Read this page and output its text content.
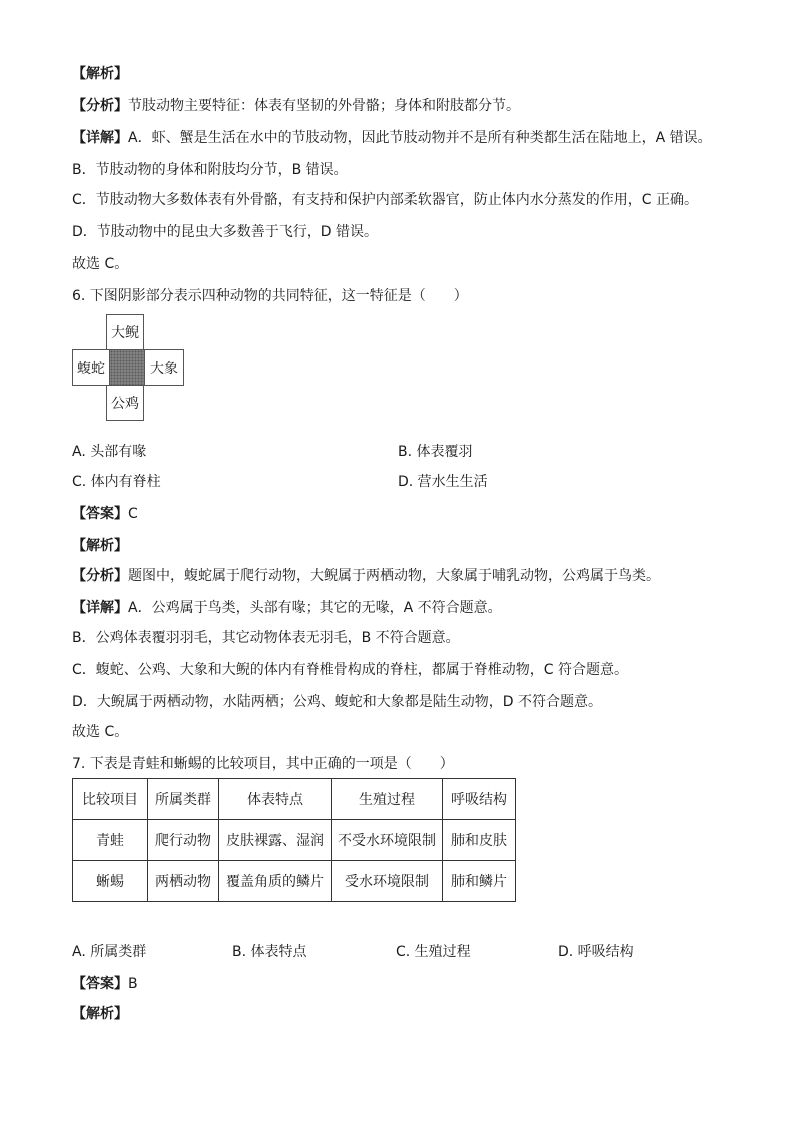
【解析】
【分析】节肢动物主要特征：体表有坚韧的外骨骼；身体和附肢都分节。
【详解】A．虾、蟹是生活在水中的节肢动物，因此节肢动物并不是所有种类都生活在陆地上，A 错误。
B．节肢动物的身体和附肢均分节，B 错误。
C．节肢动物大多数体表有外骨骼，有支持和保护内部柔软器官，防止体内水分蒸发的作用，C 正确。
D．节肢动物中的昆虫大多数善于飞行，D 错误。
故选 C。
6. 下图阴影部分表示四种动物的共同特征，这一特征是（　　）
大鲵
蝮蛇	大象
公鸡
A. 头部有喙	B. 体表覆羽
C. 体内有脊柱	D. 营水生生活
【答案】C
【解析】
【分析】题图中，蝮蛇属于爬行动物，大鲵属于两栖动物，大象属于哺乳动物，公鸡属于鸟类。
【详解】A．公鸡属于鸟类，头部有喙；其它的无喙，A 不符合题意。
B．公鸡体表覆羽羽毛，其它动物体表无羽毛，B 不符合题意。
C．蝮蛇、公鸡、大象和大鲵的体内有脊椎骨构成的脊柱，都属于脊椎动物，C 符合题意。
D．大鲵属于两栖动物，水陆两栖；公鸡、蝮蛇和大象都是陆生动物，D 不符合题意。
故选 C。
7. 下表是青蛙和蜥蜴的比较项目，其中正确的一项是（　　）
比较项目	所属类群	体表特点	生殖过程	呼吸结构
青蛙	爬行动物	皮肤裸露、湿润	不受水环境限制	肺和皮肤
蜥蜴	两栖动物	覆盖角质的鳞片	受水环境限制	肺和鳞片
A. 所属类群	B. 体表特点	C. 生殖过程	D. 呼吸结构
【答案】B
【解析】
